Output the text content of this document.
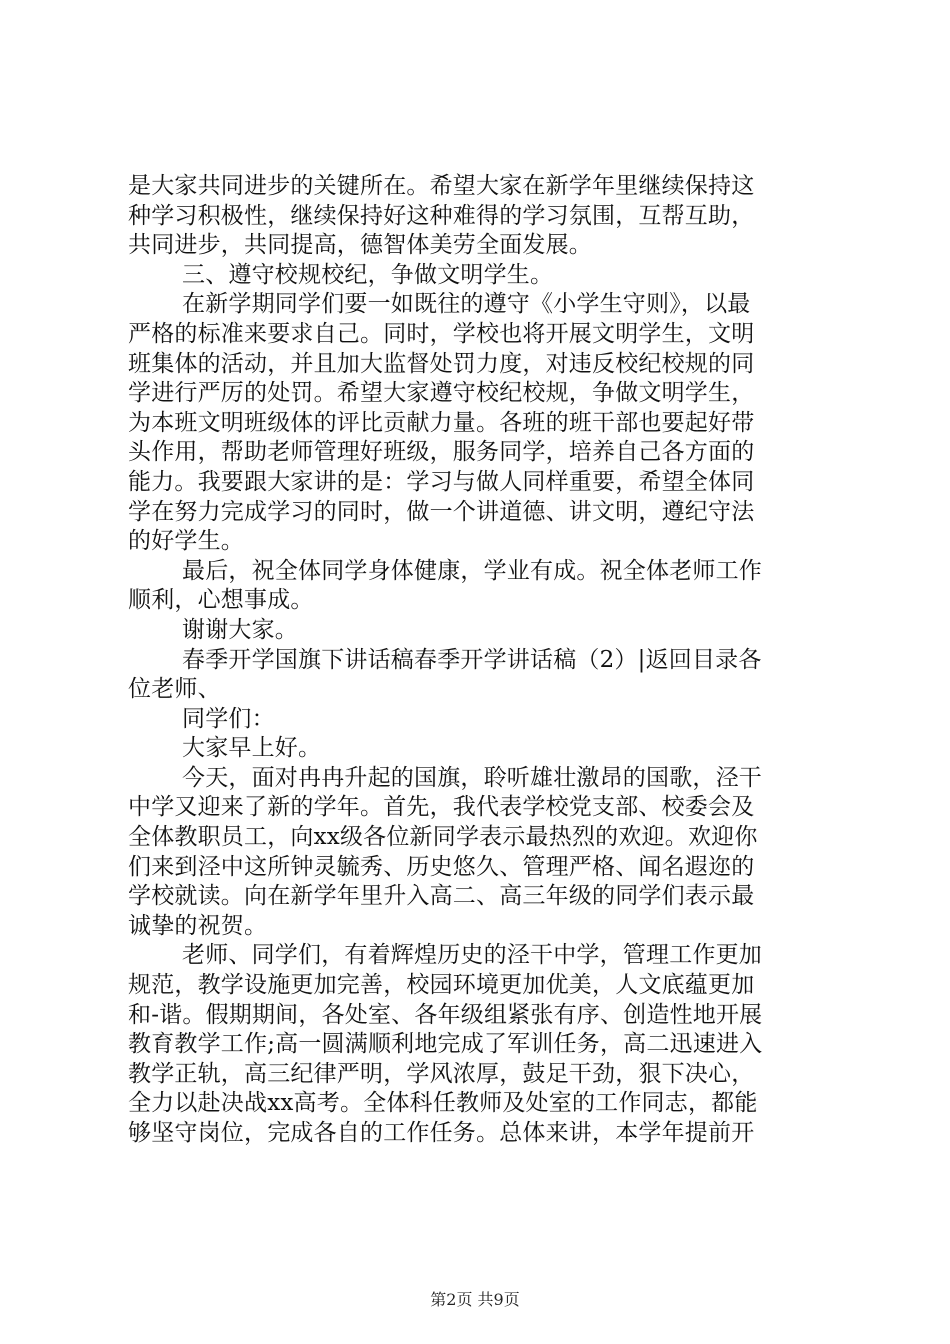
是大家共同进步的关键所在。希望大家在新学年里继续保持这
种学习积极性，继续保持好这种难得的学习氛围，互帮互助，
共同进步，共同提高，德智体美劳全面发展。
三、遵守校规校纪，争做文明学生。
在新学期同学们要一如既往的遵守《小学生守则》，以最
严格的标准来要求自己。同时，学校也将开展文明学生，文明
班集体的活动，并且加大监督处罚力度，对违反校纪校规的同
学进行严厉的处罚。希望大家遵守校纪校规，争做文明学生，
为本班文明班级体的评比贡献力量。各班的班干部也要起好带
头作用，帮助老师管理好班级，服务同学，培养自己各方面的
能力。我要跟大家讲的是：学习与做人同样重要，希望全体同
学在努力完成学习的同时，做一个讲道德、讲文明，遵纪守法
的好学生。
最后，祝全体同学身体健康，学业有成。祝全体老师工作
顺利，心想事成。
谢谢大家。
春季开学国旗下讲话稿春季开学讲话稿（2）|返回目录各
位老师、
同学们：
大家早上好。
今天，面对冉冉升起的国旗，聆听雄壮激昂的国歌，泾干
中学又迎来了新的学年。首先，我代表学校党支部、校委会及
全体教职员工，向xx级各位新同学表示最热烈的欢迎。欢迎你
们来到泾中这所钟灵毓秀、历史悠久、管理严格、闻名遐迩的
学校就读。向在新学年里升入高二、高三年级的同学们表示最
诚挚的祝贺。
老师、同学们，有着辉煌历史的泾干中学，管理工作更加
规范，教学设施更加完善，校园环境更加优美，人文底蕴更加
和-谐。假期期间，各处室、各年级组紧张有序、创造性地开展
教育教学工作;高一圆满顺利地完成了军训任务，高二迅速进入
教学正轨，高三纪律严明，学风浓厚，鼓足干劲，狠下决心，
全力以赴决战xx高考。全体科任教师及处室的工作同志，都能
够坚守岗位，完成各自的工作任务。总体来讲，本学年提前开
第2页 共9页
